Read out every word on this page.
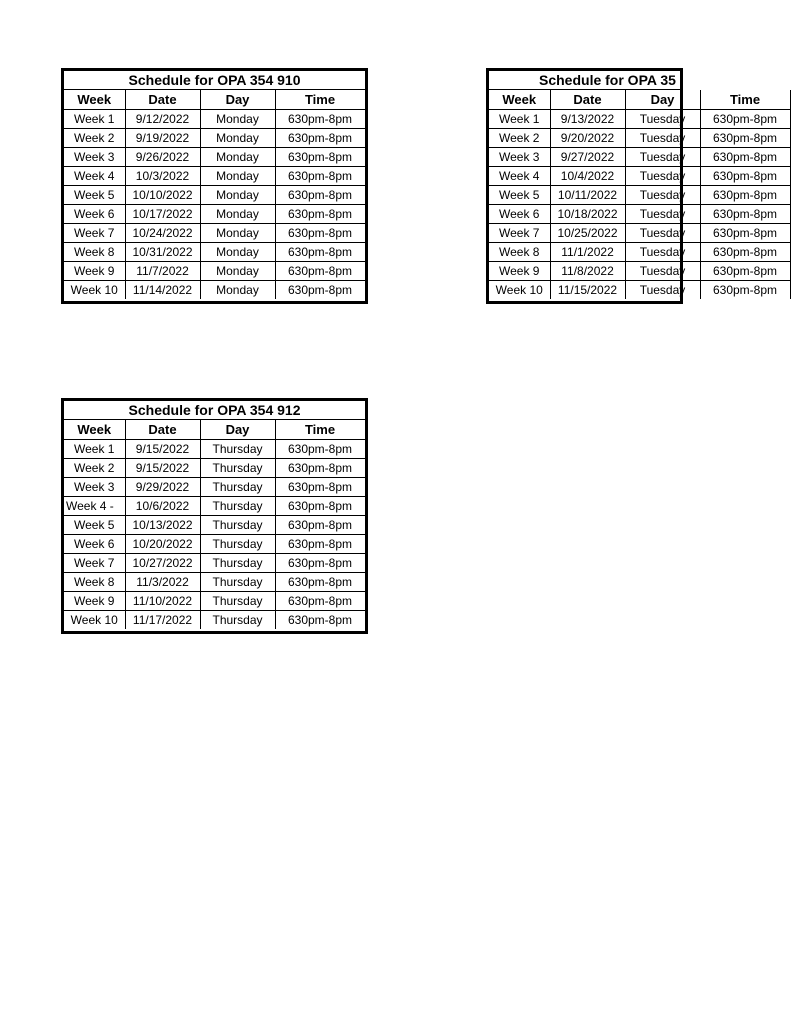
Schedule for OPA 354 910
Week	Date	Day	Time
Week 1	9/12/2022	Monday	630pm-8pm
Week 2	9/19/2022	Monday	630pm-8pm
Week 3	9/26/2022	Monday	630pm-8pm
Week 4	10/3/2022	Monday	630pm-8pm
Week 5	10/10/2022	Monday	630pm-8pm
Week 6	10/17/2022	Monday	630pm-8pm
Week 7	10/24/2022	Monday	630pm-8pm
Week 8	10/31/2022	Monday	630pm-8pm
Week 9	11/7/2022	Monday	630pm-8pm
Week 10	11/14/2022	Monday	630pm-8pm
Schedule for OPA 35
Week	Date	Day	Time
Week 1	9/13/2022	Tuesday	630pm-8pm
Week 2	9/20/2022	Tuesday	630pm-8pm
Week 3	9/27/2022	Tuesday	630pm-8pm
Week 4	10/4/2022	Tuesday	630pm-8pm
Week 5	10/11/2022	Tuesday	630pm-8pm
Week 6	10/18/2022	Tuesday	630pm-8pm
Week 7	10/25/2022	Tuesday	630pm-8pm
Week 8	11/1/2022	Tuesday	630pm-8pm
Week 9	11/8/2022	Tuesday	630pm-8pm
Week 10	11/15/2022	Tuesday	630pm-8pm
Schedule for OPA 354 912
Week	Date	Day	Time
Week 1	9/15/2022	Thursday	630pm-8pm
Week 2	9/15/2022	Thursday	630pm-8pm
Week 3	9/29/2022	Thursday	630pm-8pm
Week 4 -	10/6/2022	Thursday	630pm-8pm
Week 5	10/13/2022	Thursday	630pm-8pm
Week 6	10/20/2022	Thursday	630pm-8pm
Week 7	10/27/2022	Thursday	630pm-8pm
Week 8	11/3/2022	Thursday	630pm-8pm
Week 9	11/10/2022	Thursday	630pm-8pm
Week 10	11/17/2022	Thursday	630pm-8pm
